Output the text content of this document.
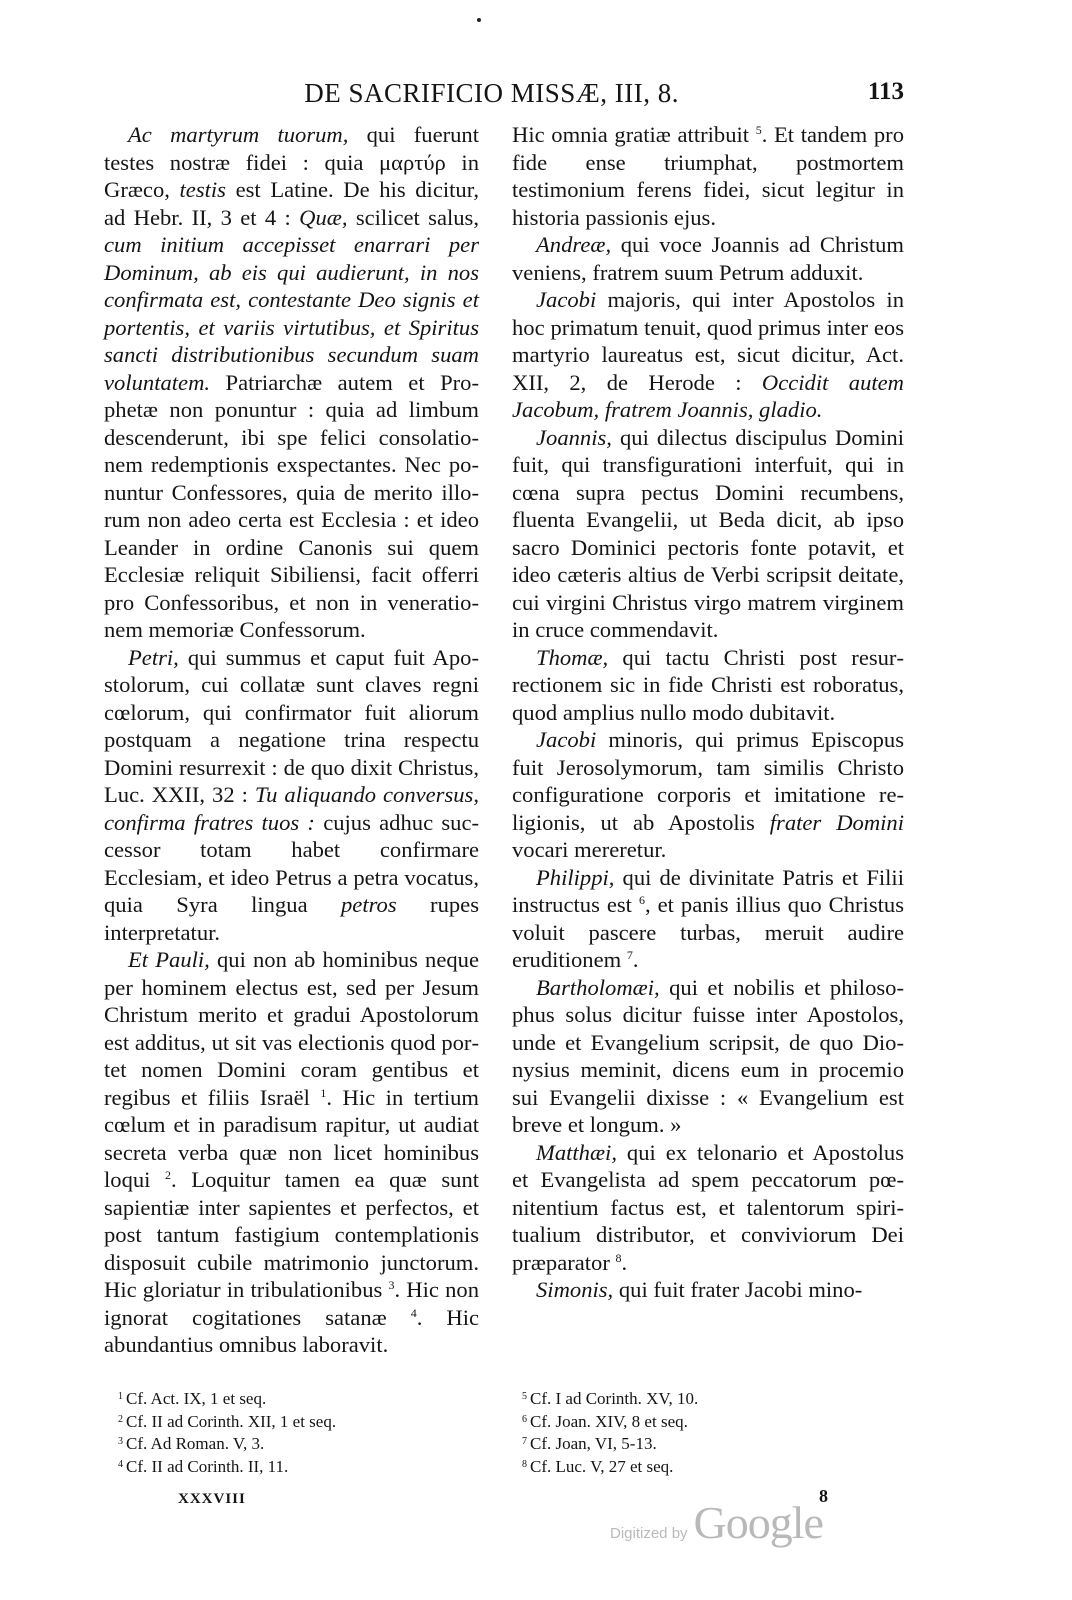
DE SACRIFICIO MISSÆ, III, 8.	113

Ac martyrum tuorum, qui fuerunt testes nostræ fidei : quia μαρτύρ in Græco, testis est Latine. De his dicitur, ad Hebr. II, 3 et 4 : Quæ, scilicet salus, cum initium accepisset enarrari per Dominum, ab eis qui audierunt, in nos confirmata est, contestante Deo signis et portentis, et variis virtutibus, et Spiritus sancti distributionibus secundum suam voluntatem. Patriarchæ autem et Prophetæ non ponuntur : quia ad limbum descenderunt, ibi spe felici consolationem redemptionis exspectantes. Nec ponuntur Confessores, quia de merito illorum non adeo certa est Ecclesia : et ideo Leander in ordine Canonis sui quem Ecclesiæ reliquit Sibiliensi, facit offerri pro Confessoribus, et non in venerationem memoriæ Confessorum.

Petri, qui summus et caput fuit Apostolorum, cui collatæ sunt claves regni cœlorum, qui confirmator fuit aliorum postquam a negatione trina respectu Domini resurrexit : de quo dixit Christus, Luc. XXII, 32 : Tu aliquando conversus, confirma fratres tuos : cujus adhuc successor totam habet confirmare Ecclesiam, et ideo Petrus a petra vocatus, quia Syra lingua petros rupes interpretatur.

Et Pauli, qui non ab hominibus neque per hominem electus est, sed per Jesum Christum merito et gradui Apostolorum est additus, ut sit vas electionis quod portet nomen Domini coram gentibus et regibus et filiis Israël $^1$. Hic in tertium cœlum et in paradisum rapitur, ut audiat secreta verba quæ non licet hominibus loqui $^2$. Loquitur tamen ea quæ sunt sapientiæ inter sapientes et perfectos, et post tantum fastigium contemplationis disposuit cubile matrimonio junctorum. Hic gloriatur in tribulationibus $^3$. Hic non ignorat cogitationes satanæ $^4$. Hic abundantius omnibus laboravit.

Hic omnia gratiæ attribuit $^5$. Et tandem pro fide ense triumphat, postmortem testimonium ferens fidei, sicut legitur in historia passionis ejus.

Andreæ, qui voce Joannis ad Christum veniens, fratrem suum Petrum adduxit.

Jacobi majoris, qui inter Apostolos in hoc primatum tenuit, quod primus inter eos martyrio laureatus est, sicut dicitur, Act. XII, 2, de Herode : Occidit autem Jacobum, fratrem Joannis, gladio.

Joannis, qui dilectus discipulus Domini fuit, qui transfigurationi interfuit, qui in cœna supra pectus Domini recumbens, fluenta Evangelii, ut Beda dicit, ab ipso sacro Dominici pectoris fonte potavit, et ideo cæteris altius de Verbi scripsit deitate, cui virgini Christus virgo matrem virginem in cruce commendavit.

Thomæ, qui tactu Christi post resurrectionem sic in fide Christi est roboratus, quod amplius nullo modo dubitavit.

Jacobi minoris, qui primus Episcopus fuit Jerosolymorum, tam similis Christo configuratione corporis et imitatione religionis, ut ab Apostolis frater Domini vocari mereretur.

Philippi, qui de divinitate Patris et Filii instructus est $^6$, et panis illius quo Christus voluit pascere turbas, meruit audire eruditionem $^7$.

Bartholomæi, qui et nobilis et philosophus solus dicitur fuisse inter Apostolos, unde et Evangelium scripsit, de quo Dionysius meminit, dicens eum in procemio sui Evangelii dixisse : « Evangelium est breve et longum. »

Matthæi, qui ex telonario et Apostolus et Evangelista ad spem peccatorum pœnitentium factus est, et talentorum spiritualium distributor, et conviviorum Dei præparator $^8$.

Simonis, qui fuit frater Jacobi mino-

$^1$ Cf. Act. IX, 1 et seq.
$^2$ Cf. II ad Corinth. XII, 1 et seq.
$^3$ Cf. Ad Roman. V, 3.
$^4$ Cf. II ad Corinth. II, 11.
$^5$ Cf. I ad Corinth. XV, 10.
$^6$ Cf. Joan. XIV, 8 et seq.
$^7$ Cf. Joan, VI, 5-13.
$^8$ Cf. Luc. V, 27 et seq.
XXXVIII	8
Digitized by Google
